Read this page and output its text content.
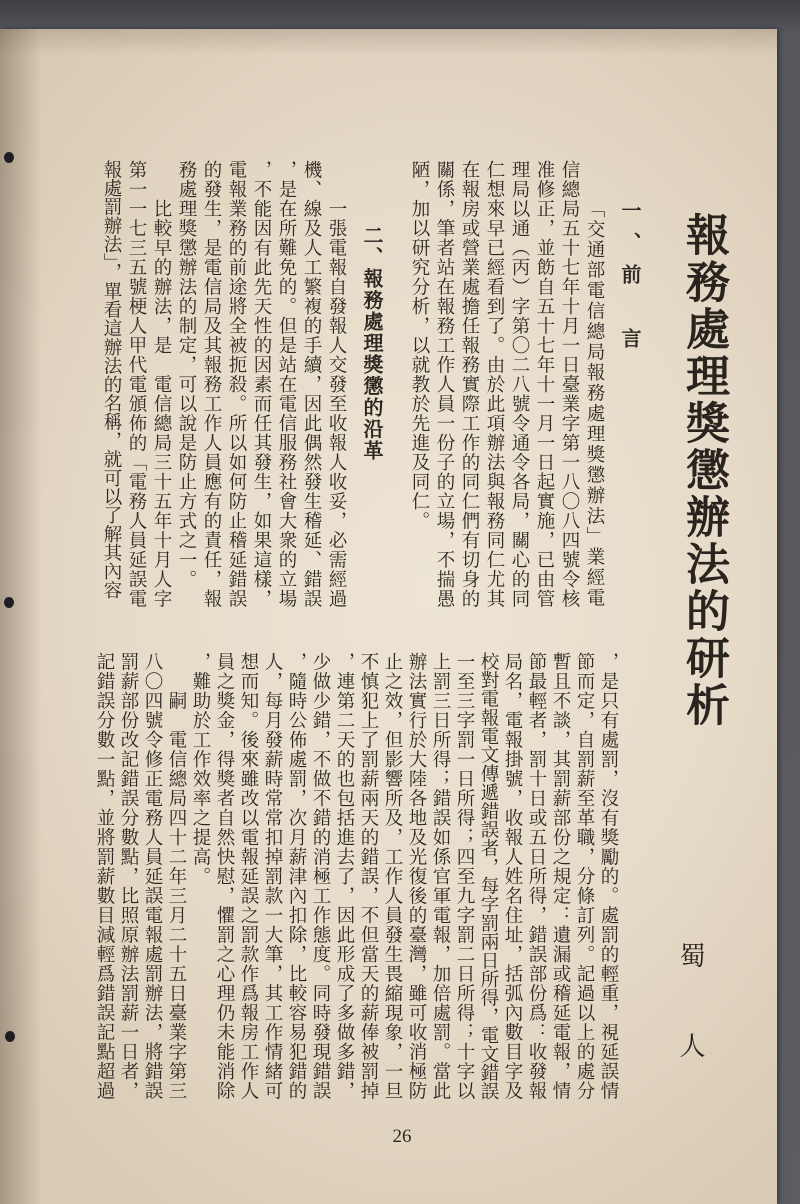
報務處理獎懲辦法的研析
蜀人
一、前　言
「交通部電信總局報務處理獎懲辦法」業經電
信總局五十七年十月一日臺業字第一八〇八四號令核
准修正，並飭自五十七年十一月一日起實施，已由管
理局以通（丙）字第〇二八號令通令各局，關心的同
仁想來早已經看到了。由於此項辦法與報務同仁尤其
在報房或營業處擔任報務實際工作的同仁們有切身的
關係，筆者站在報務工作人員一份子的立場，不揣愚
陋，加以研究分析，以就教於先進及同仁。
二、報務處理獎懲的沿革
一張電報自發報人交發至收報人收妥，必需經過
機、線及人工繁複的手續，因此偶然發生稽延、錯誤
，是在所難免的。但是站在電信服務社會大衆的立場
，不能因有此先天性的因素而任其發生，如果這樣，
電報業務的前途將全被扼殺。所以如何防止稽延錯誤
的發生，是電信局及其報務工作人員應有的責任，報
務處理獎懲辦法的制定，可以說是防止方式之一。
比較早的辦法，是　電信總局三十五年十月人字
第一一七三五號梗人甲代電頒佈的「電務人員延誤電
報處罰辦法」，單看這辦法的名稱，就可以了解其內容
，是只有處罰，沒有獎勵的。處罰的輕重，視延誤情
節而定，自罰薪至革職，分條訂列。記過以上的處分
暫且不談，其罰薪部份之規定：遺漏或稽延電報，情
節最輕者，罰十日或五日所得，錯誤部份爲：收發報
局名，電報掛號，收報人姓名住址，括弧內數目字及
校對電報電文傳遞錯誤者，每字罰兩日所得，電文錯誤
一至三字罰一日所得；四至九字罰二日所得；十字以
上罰三日所得；錯誤如係官軍電報，加倍處罰。當此
辦法實行於大陸各地及光復後的臺灣，雖可收消極防
止之效，但影響所及，工作人員發生畏縮現象，一旦
不慎犯上了罰薪兩天的錯誤，不但當天的薪俸被罰掉
，連第二天的也包括進去了，因此形成了多做多錯，
少做少錯，不做不錯的消極工作態度。同時發現錯誤
，隨時公佈處罰，次月薪津內扣除，比較容易犯錯的
人，每月發薪時常常扣掉罰款一大筆，其工作情緒可
想而知。後來雖改以電報延誤之罰款作爲報房工作人
員之獎金，得獎者自然快慰，懼罰之心理仍未能消除
，難助於工作效率之提高。
嗣　電信總局四十二年三月二十五日臺業字第三
八〇四號令修正電務人員延誤電報處罰辦法，將錯誤
罰薪部份改記錯誤分數點，比照原辦法罰薪一日者，
記錯誤分數一點，並將罰薪數目減輕爲錯誤記點超過
26
